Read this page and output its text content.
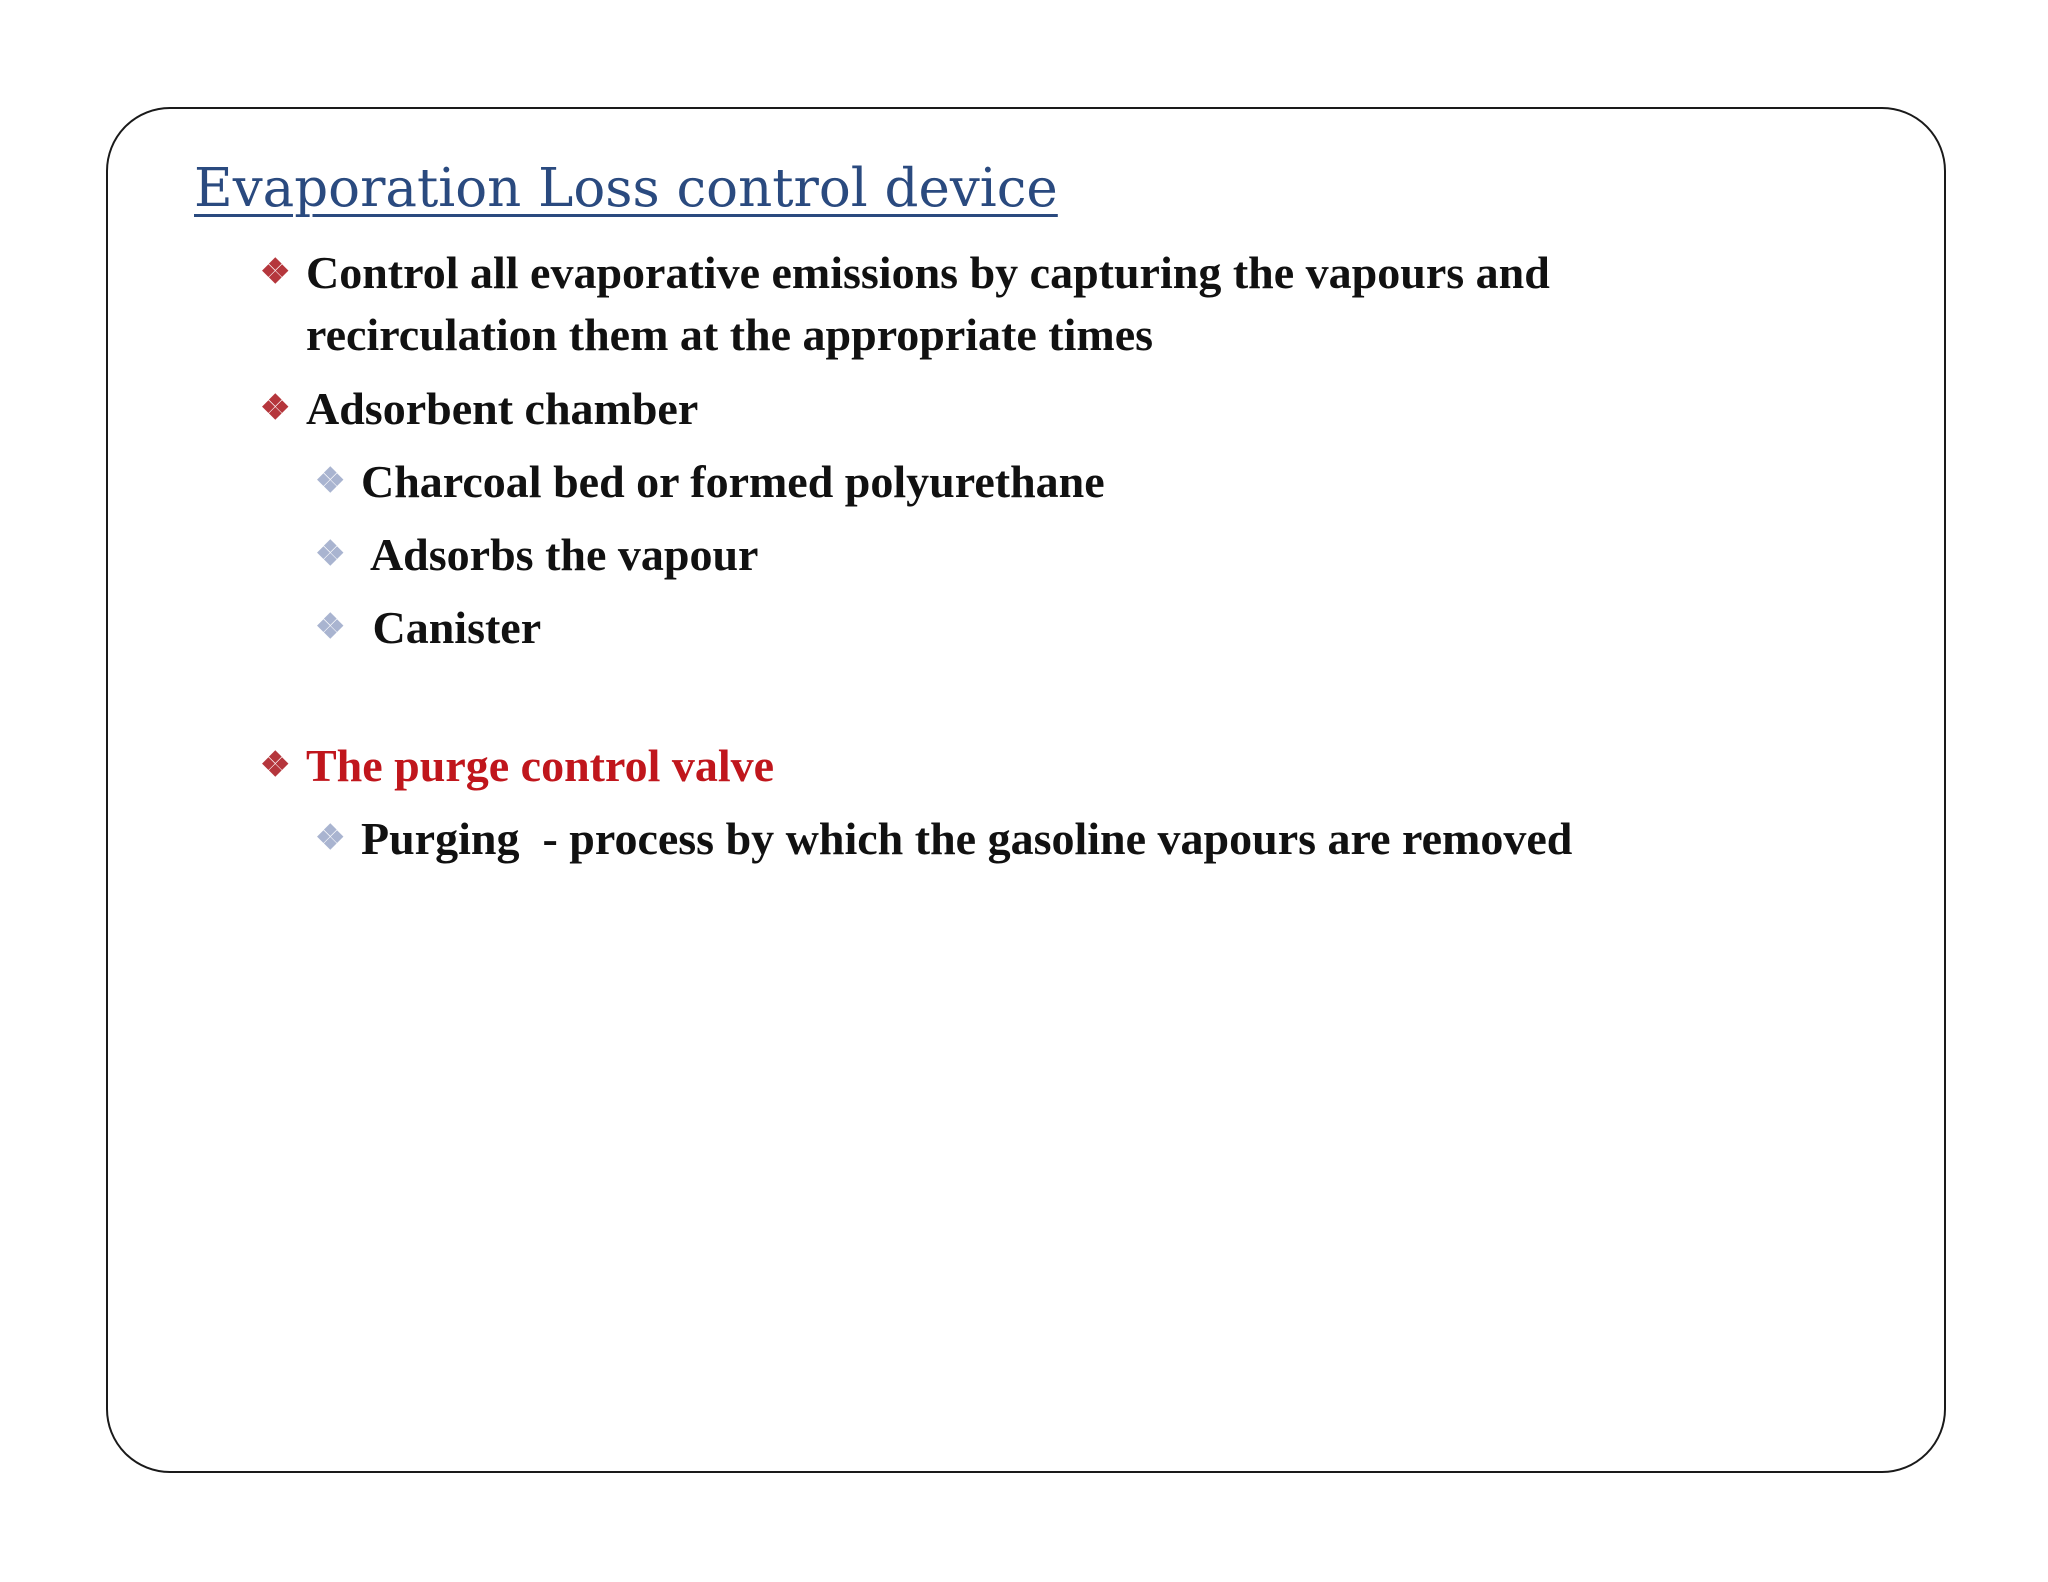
Evaporation Loss control device
❖ Control all evaporative emissions by capturing the vapours and
recirculation them at the appropriate times
❖ Adsorbent chamber
❖ Charcoal bed or formed polyurethane
❖ Adsorbs the vapour
❖ Canister
❖ The purge control valve
❖ Purging  - process by which the gasoline vapours are removed
